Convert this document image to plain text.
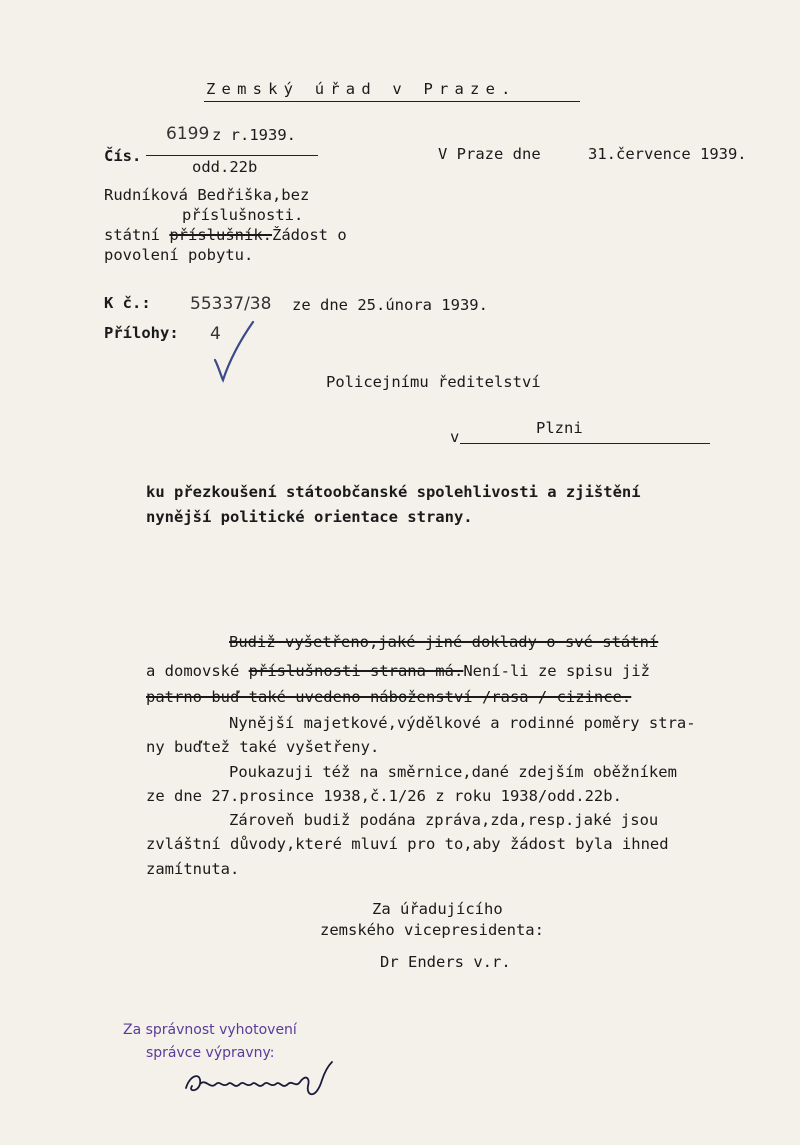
Zemský úřad v Praze.
6199 z r.1939.
Čís.
odd.22b
V Praze dne	31.července 1939.
Rudníková Bedřiška,bez
příslušnosti.
státní příslušník.Žádost o
povolení pobytu.
K č.: 55337/38 ze dne 25.února 1939.
Přílohy: 4
Policejnímu ředitelství
v	Plzni
ku přezkoušení státoobčanské spolehlivosti a zjištění
nynější politické orientace strany.
Budiž vyšetřeno,jaké jiné doklady o své státní
a domovské příslušnosti strana má.Není-li ze spisu již
patrno buď také uvedeno náboženství /rasa / cizince.
Nynější majetkové,výdělkové a rodinné poměry stra-
ny buďtež také vyšetřeny.
Poukazuji též na směrnice,dané zdejším oběžníkem
ze dne 27.prosince 1938,č.1/26 z roku 1938/odd.22b.
Zároveň budiž podána zpráva,zda,resp.jaké jsou
zvláštní důvody,které mluví pro to,aby žádost byla ihned
zamítnuta.
Za úřadujícího
zemského vicepresidenta:
Dr Enders v.r.
Za správnost vyhotovení
správce výpravny:
